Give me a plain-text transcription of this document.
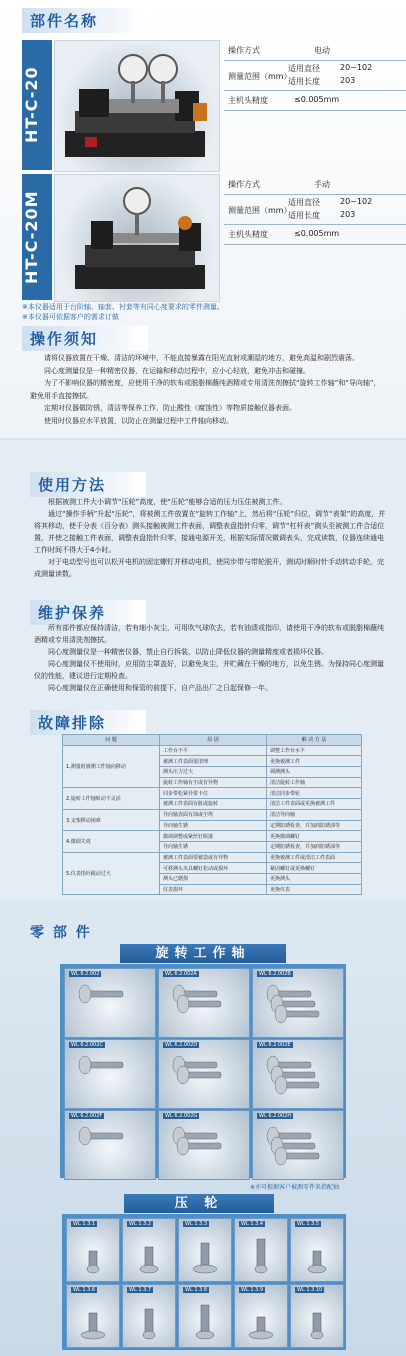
部件名称
HT-C-20
操作方式	电动
测量范围（mm）
适用直径	20~102
适用长度	203
主机头精度	≤0.005mm
HT-C-20M
操作方式	手动
测量范围（mm）
适用直径	20~102
适用长度	203
主机头精度	≤0.005mm
※本仪器适用于台阶轴、轴套、衬套等有同心度要求的零件测量。
※本仪器可依据客户的需求订做
操作须知
请将仪器放置在干燥、清洁的环境中，不能直接暴露在阳光直射或潮湿的地方，避免高温和剧烈震荡。
同心度测量仪是一种精密仪器，在运输和移动过程中，应小心轻放，避免冲击和碰撞。
为了不影响仪器的精密度，应使用干净的软布或脱脂棉蘸纯酒精或专用清洗剂擦拭“旋转工作轴”和“导向轴”，避免用手直接擦拭。
定期对仪器做防锈，清洁等保养工作，防止酸性（腐蚀性）等物质接触仪器表面。
使用时仪器应水平放置，以防止在测量过程中工件轴向移动。
使用方法
根据被测工件大小调节“压轮”高度，使“压轮”能够合适的压力压住被测工件。
通过“操作手柄”升起“压轮”，将被测工件放置在“旋转工作轴”上，然后将“压轮”归位，调节“表架”的高度，并将其移动，使千分表（百分表）测头接触被测工件表面，调整表盘指针归零，调节“杠杆表”测头至被测工件合适位置，并使之接触工件表面，调整表盘指针归零，接通电源开关，根据实际情况微调表头，完成读数，仪器连续通电工作时间不得大于4小时。
对于电动型号也可以松开电机的固定螺钉并移动电机，使同步带与带轮脱开，测试时顺时针手动转动手轮，完成测量读数。
维护保养
所有部件都应保持清洁，若有细小灰尘，可用吹气球吹去，若有油渍或指印，请使用干净的软布或脱脂棉蘸纯酒精或专用清洗剂擦拭。
同心度测量仪是一种精密仪器，禁止自行拆装，以防止降低仪器的测量精度或者损坏仪器。
同心度测量仪不使用时，应用防尘罩盖好，以避免灰尘，并贮藏在干燥的地方，以免生锈。为保持同心度测量仪的性能，建议进行定期检查。
同心度测量仪在正确使用和保管的前提下，自产品出厂之日起保修一年。
故障排除
问 题	原 因	解 决 方 法
1.测量时被测工件轴向移动	工作台不平	调整工作台水平
	被测工件表面要清理	更换被测工件
	测头压力过大	调测测头
	旋转工作轴有尘或有异物	清洁旋转工作轴
2.旋转工作轴转动不灵活	同步带松紧异常卡住	清洁同步带轮
	被测工件表面有脏或旋转	清洁工件表面或更换被测工件
3.支架移动困难	导向轴表面有油或尘埃	清洁导向轴
	导向轴生锈	定期防锈检查，并加润防锈油等
4.微调失效	微调调整或紧丝钉脱落	更换微调螺钉
	导向轴生锈	定期防锈检查，并加润防锈油等
5.仪表指针跳动过大	被测工件表面要被造或有异物	更换被测工件或清洁工件表面
	可移测头夹具螺钉松动或损坏	紧固螺钉或更换螺钉
	测头已磨损	更换测头
	仪表损坏	更换仪表
零 部 件
旋转工作轴
WL 6.2.002	WL 6.2.002A	WL 6.2.002B
WL 6.2.002C	WL 6.2.002D	WL 6.2.002E
WL 6.2.002F	WL 6.2.002G	WL 6.2.002H
※亦可根据客户被测零件来指配轴
压 轮
WL 1.3.1	WL 1.3.2	WL 1.3.3	WL 1.3.4	WL 1.3.5
WL 1.3.6	WL 1.3.7	WL 1.3.8	WL 1.3.9	WL 1.3.10
